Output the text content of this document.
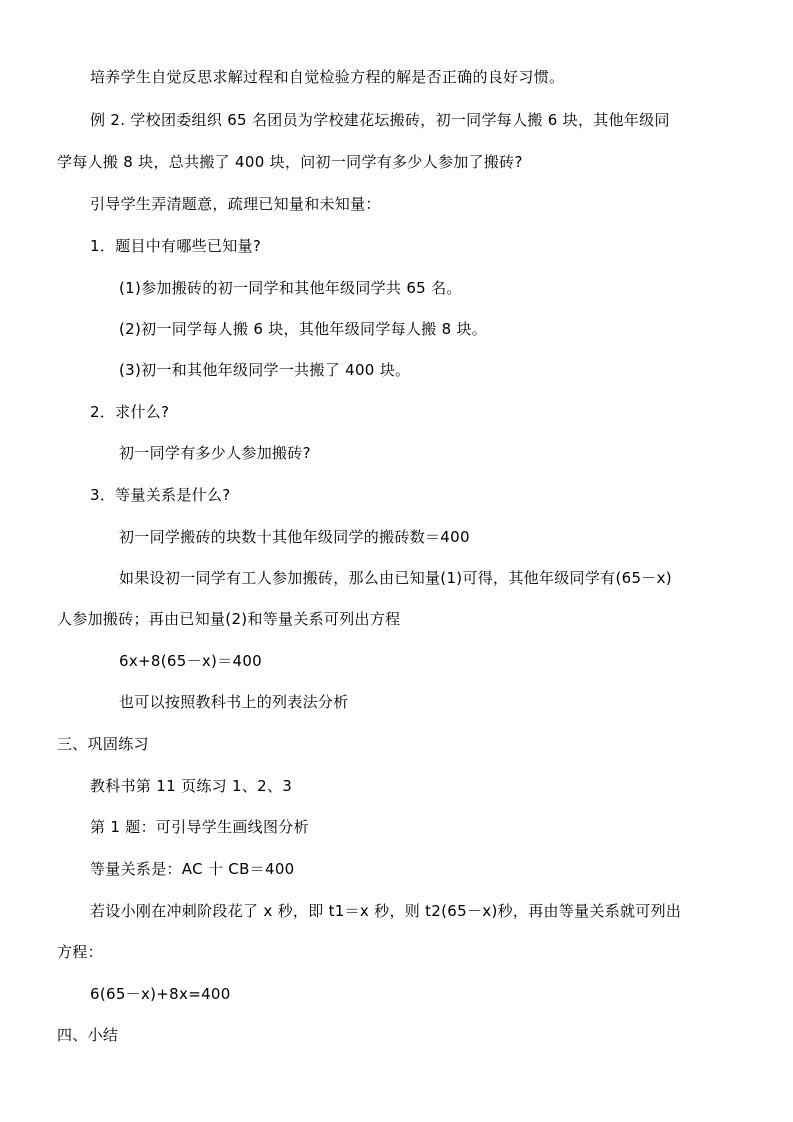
培养学生自觉反思求解过程和自觉检验方程的解是否正确的良好习惯。
例 2. 学校团委组织 65 名团员为学校建花坛搬砖，初一同学每人搬 6 块，其他年级同
学每人搬 8 块，总共搬了 400 块，问初一同学有多少人参加了搬砖?
引导学生弄清题意，疏理已知量和未知量：
1．题目中有哪些已知量?
(1)参加搬砖的初一同学和其他年级同学共 65 名。
(2)初一同学每人搬 6 块，其他年级同学每人搬 8 块。
(3)初一和其他年级同学一共搬了 400 块。
2．求什么?
初一同学有多少人参加搬砖?
3．等量关系是什么?
初一同学搬砖的块数十其他年级同学的搬砖数＝400
如果设初一同学有工人参加搬砖，那么由已知量(1)可得，其他年级同学有(65－x)
人参加搬砖；再由已知量(2)和等量关系可列出方程
6x+8(65－x)＝400
也可以按照教科书上的列表法分析
三、巩固练习
教科书第 11 页练习 1、2、3
第 1 题：可引导学生画线图分析
等量关系是：AC 十 CB＝400
若设小刚在冲刺阶段花了 x 秒，即 t1＝x 秒，则 t2(65－x)秒，再由等量关系就可列出
方程：
6(65－x)+8x=400
四、小结
